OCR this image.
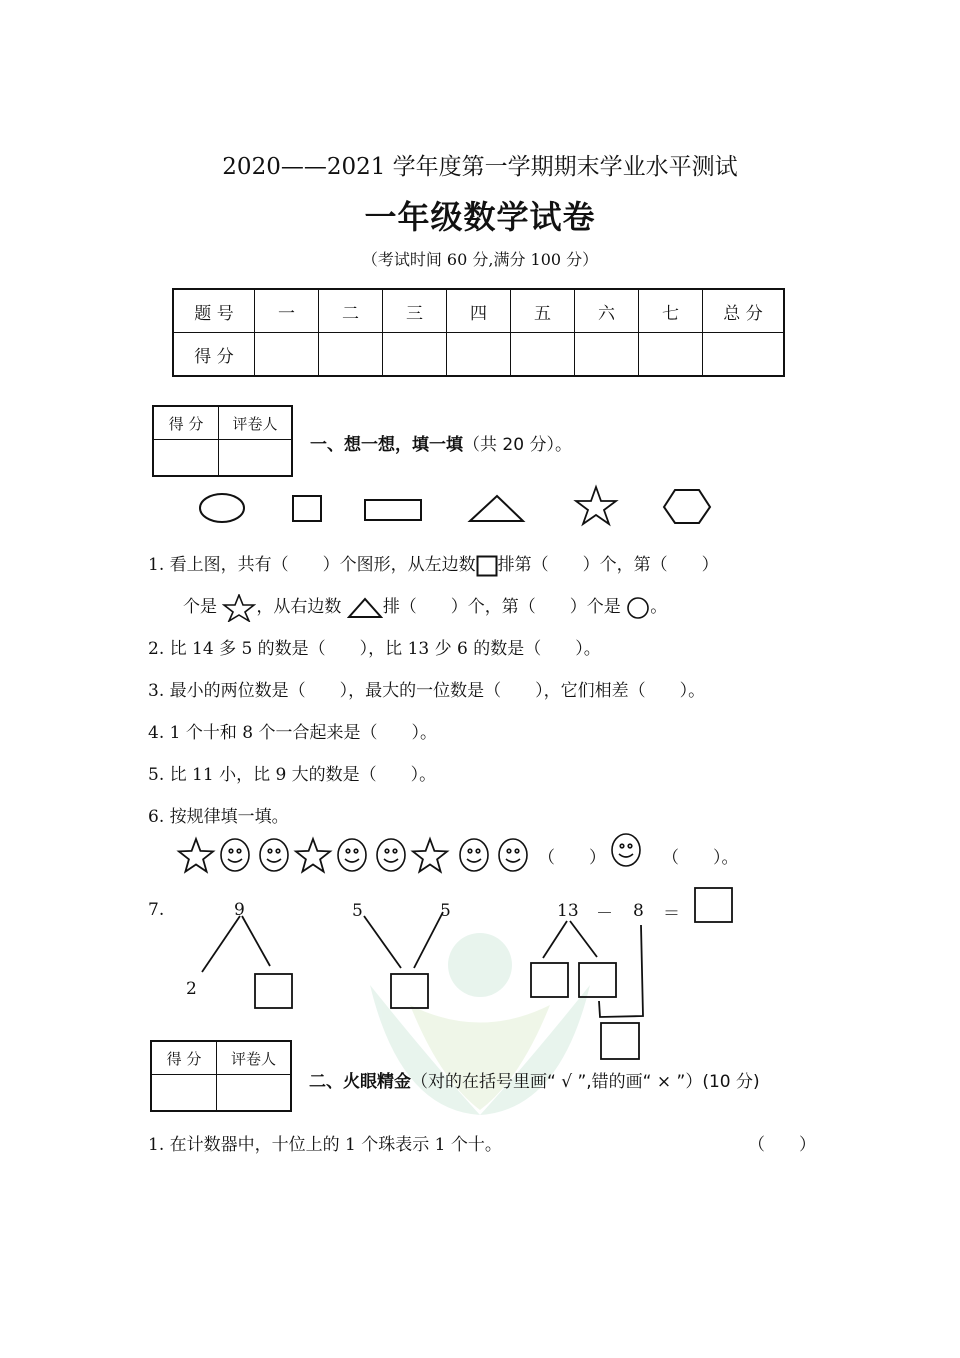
2020——2021 学年度第一学期期末学业水平测试
一年级数学试卷
（考试时间 60 分,满分 100 分）
题 号	一	二	三	四	五	六	七	总 分
得 分								
得 分	评卷人

一、想一想，填一填（共 20 分）。
1. 看上图，共有（　　）个图形，从左边数 排第（　　）个，第（　　）
个是 ，从右边数 排（　　）个，第（　　）个是 。
2. 比 14 多 5 的数是（　　），比 13 少 6 的数是（　　）。
3. 最小的两位数是（　　），最大的一位数是（　　），它们相差（　　）。
4. 1 个十和 8 个一合起来是（　　）。
5. 比 11 小，比 9 大的数是（　　）。
6. 按规律填一填。
（　　）	（　　）。
7.	9
2
5	5	13 － 8 ＝
得 分	评卷人

二、火眼精金（对的在括号里画“ √ ”,错的画“ × ”）(10 分)
1. 在计数器中，十位上的 1 个珠表示 1 个十。	（　　）
